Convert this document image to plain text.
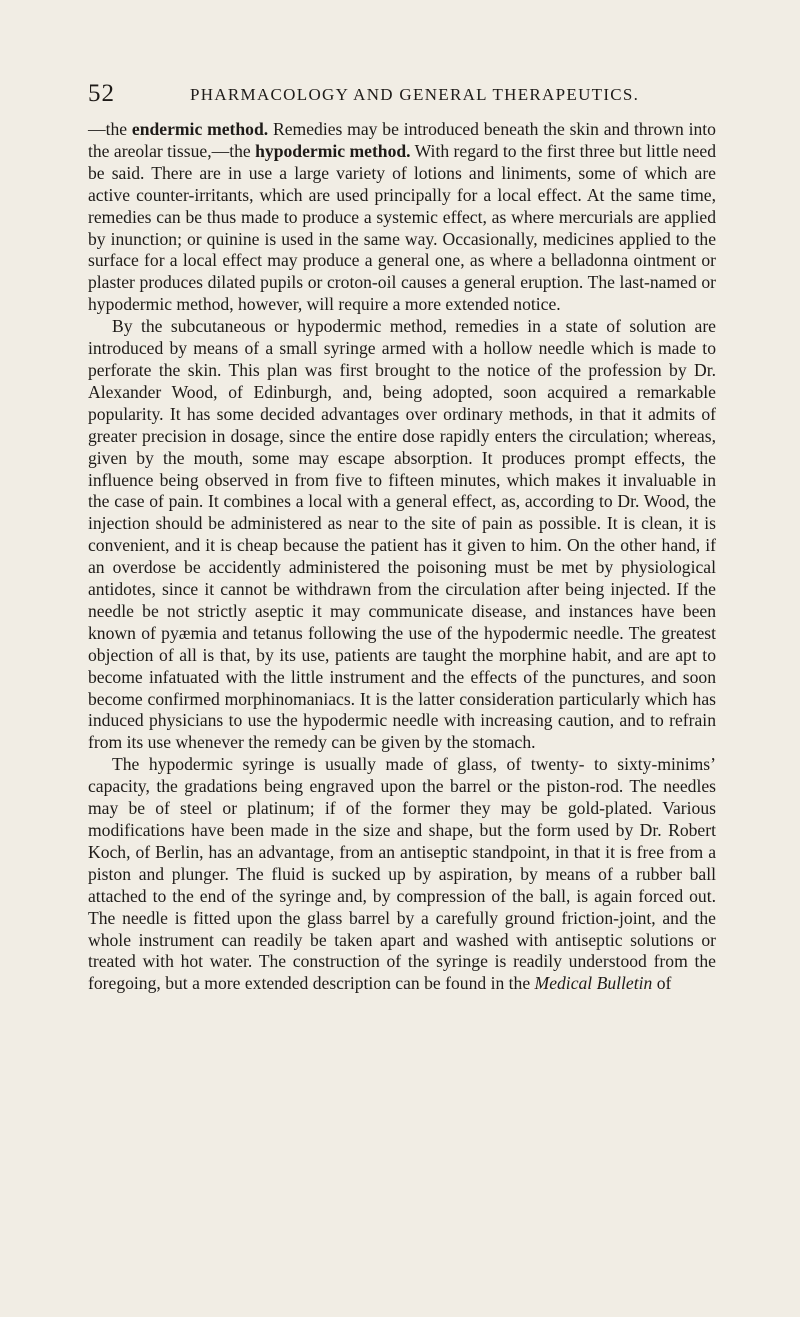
52	PHARMACOLOGY AND GENERAL THERAPEUTICS.

—the endermic method. Remedies may be introduced beneath the skin and thrown into the areolar tissue,—the hypodermic method. With regard to the first three but little need be said. There are in use a large variety of lotions and liniments, some of which are active counter-irritants, which are used principally for a local effect. At the same time, remedies can be thus made to produce a systemic effect, as where mercurials are applied by inunction; or quinine is used in the same way. Occasionally, medicines applied to the surface for a local effect may produce a general one, as where a belladonna ointment or plaster produces dilated pupils or croton-oil causes a general eruption. The last-named or hypodermic method, however, will require a more extended notice.

By the subcutaneous or hypodermic method, remedies in a state of solution are introduced by means of a small syringe armed with a hollow needle which is made to perforate the skin. This plan was first brought to the notice of the profession by Dr. Alexander Wood, of Edinburgh, and, being adopted, soon acquired a remarkable popularity. It has some decided advantages over ordinary methods, in that it admits of greater precision in dosage, since the entire dose rapidly enters the circulation; whereas, given by the mouth, some may escape absorption. It produces prompt effects, the influence being observed in from five to fifteen minutes, which makes it invaluable in the case of pain. It combines a local with a general effect, as, according to Dr. Wood, the injection should be administered as near to the site of pain as possible. It is clean, it is convenient, and it is cheap because the patient has it given to him. On the other hand, if an overdose be accidently administered the poisoning must be met by physiological antidotes, since it cannot be withdrawn from the circulation after being injected. If the needle be not strictly aseptic it may communicate disease, and instances have been known of pyæmia and tetanus following the use of the hypodermic needle. The greatest objection of all is that, by its use, patients are taught the morphine habit, and are apt to become infatuated with the little instrument and the effects of the punctures, and soon become confirmed morphinomaniacs. It is the latter consideration particularly which has induced physicians to use the hypodermic needle with increasing caution, and to refrain from its use whenever the remedy can be given by the stomach.

The hypodermic syringe is usually made of glass, of twenty- to sixty-minims’ capacity, the gradations being engraved upon the barrel or the piston-rod. The needles may be of steel or platinum; if of the former they may be gold-plated. Various modifications have been made in the size and shape, but the form used by Dr. Robert Koch, of Berlin, has an advantage, from an antiseptic standpoint, in that it is free from a piston and plunger. The fluid is sucked up by aspiration, by means of a rubber ball attached to the end of the syringe and, by compression of the ball, is again forced out. The needle is fitted upon the glass barrel by a carefully ground friction-joint, and the whole instrument can readily be taken apart and washed with antiseptic solutions or treated with hot water. The construction of the syringe is readily understood from the foregoing, but a more extended description can be found in the Medical Bulletin of
